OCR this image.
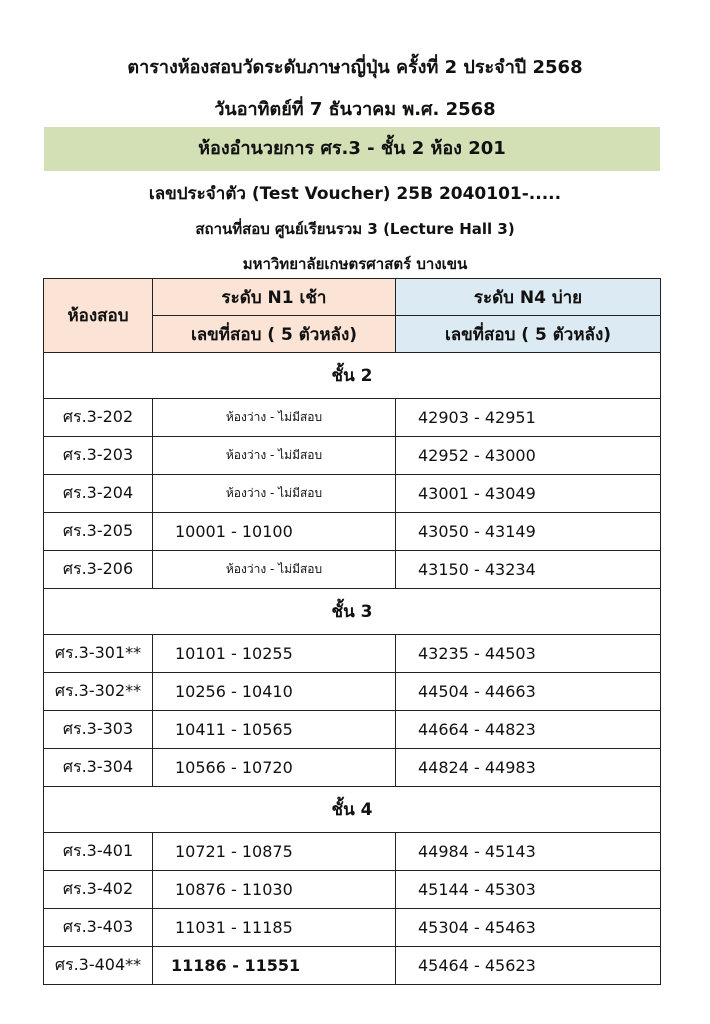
ตารางห้องสอบวัดระดับภาษาญี่ปุ่น ครั้งที่ 2 ประจำปี 2568
วันอาทิตย์ที่ 7 ธันวาคม พ.ศ. 2568
ห้องอำนวยการ ศร.3 - ชั้น 2 ห้อง 201
เลขประจำตัว (Test Voucher) 25B 2040101-.....
สถานที่สอบ ศูนย์เรียนรวม 3 (Lecture Hall 3)
มหาวิทยาลัยเกษตรศาสตร์ บางเขน
ห้องสอบ	ระดับ N1 เช้า	ระดับ N4 บ่าย
	เลขที่สอบ ( 5 ตัวหลัง)	เลขที่สอบ ( 5 ตัวหลัง)
ชั้น 2		
ศร.3-202	ห้องว่าง - ไม่มีสอบ	42903 - 42951
ศร.3-203	ห้องว่าง - ไม่มีสอบ	42952 - 43000
ศร.3-204	ห้องว่าง - ไม่มีสอบ	43001 - 43049
ศร.3-205	10001 - 10100	43050 - 43149
ศร.3-206	ห้องว่าง - ไม่มีสอบ	43150 - 43234
ชั้น 3		
ศร.3-301**	10101 - 10255	43235 - 44503
ศร.3-302**	10256 - 10410	44504 - 44663
ศร.3-303	10411 - 10565	44664 - 44823
ศร.3-304	10566 - 10720	44824 - 44983
ชั้น 4		
ศร.3-401	10721 - 10875	44984 - 45143
ศร.3-402	10876 - 11030	45144 - 45303
ศร.3-403	11031 - 11185	45304 - 45463
ศร.3-404**	11186 - 11551	45464 - 45623
